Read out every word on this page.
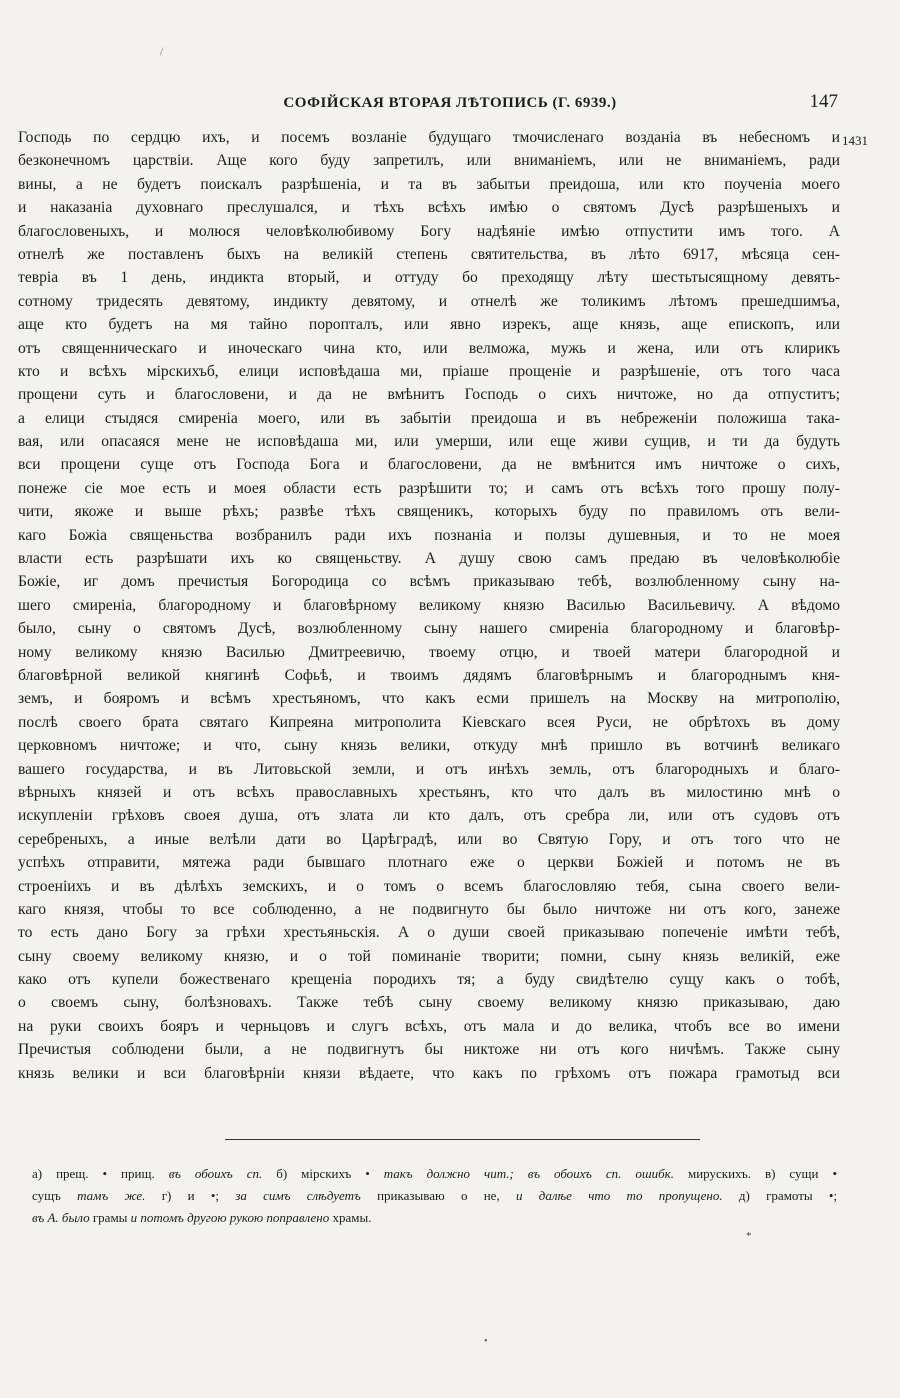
/
СОФІЙСКАЯ ВТОРАЯ ЛѢТОПИСЬ (Г. 6939.)	147
1431
Господь по сердцю ихъ, и посемъ возланіе будущаго тмочисленаго возданіа въ небесномъ и
безконечномъ царствіи. Аще кого буду запретилъ, или вниманіемъ, или не вниманіемъ, ради
вины, а не будетъ поискалъ разрѣшеніа, и та въ забытьи преидоша, или кто поученіа моего
и наказаніа духовнаго преслушался, и тѣхъ всѣхъ имѣю о святомъ Дусѣ разрѣшеныхъ и
благословеныхъ, и молюся человѣколюбивому Богу надѣяніе имѣю отпустити имъ того. А
отнелѣ же поставленъ быхъ на великій степень святительства, въ лѣто 6917, мѣсяца сен-
тевріа въ 1 день, индикта вторый, и оттуду бо преходящу лѣту шестьтысящному девять-
сотному тридесять девятому, индикту девятому, и отнелѣ же толикимъ лѣтомъ прешедшимъа,
аще кто будетъ на мя тайно поропталъ, или явно изрекъ, аще князь, аще епископъ, или
отъ священническаго и иноческаго чина кто, или велможа, мужь и жена, или отъ клирикъ
кто и всѣхъ мірскихъб, елици исповѣдаша ми, пріаше прощеніе и разрѣшеніе, отъ того часа
прощени суть и благословени, и да не вмѣнитъ Господь о сихъ ничтоже, но да отпуститъ;
а елици стыдяся смиреніа моего, или въ забытіи преидоша и въ небреженіи положиша така-
вая, или опасаяся мене не исповѣдаша ми, или умерши, или еще живи сущив, и ти да будуть
вси прощени суще отъ Господа Бога и благословени, да не вмѣнится имъ ничтоже о сихъ,
понеже сіе мое есть и моея области есть разрѣшити то; и самъ отъ всѣхъ того прошу полу-
чити, якоже и выше рѣхъ; развѣе тѣхъ священикъ, которыхъ буду по правиломъ отъ вели-
каго Божіа священьства возбранилъ ради ихъ познаніа и ползы душевныя, и то не моея
власти есть разрѣшати ихъ ко священьству. А душу свою самъ предаю въ человѣколюбіе
Божіе, иг домъ пречистыя Богородица со всѣмъ приказываю тебѣ, возлюбленному сыну на-
шего смиреніа, благородному и благовѣрному великому князю Василью Васильевичу. А вѣдомо
было, сыну о святомъ Дусѣ, возлюбленному сыну нашего смиреніа благородному и благовѣр-
ному великому князю Василью Дмитреевичю, твоему отцю, и твоей матери благородной и
благовѣрной великой княгинѣ Софьѣ, и твоимъ дядямъ благовѣрнымъ и благороднымъ кня-
земъ, и бояромъ и всѣмъ хрестьяномъ, что какъ есми пришелъ на Москву на митрополію,
послѣ своего брата святаго Кипреяна митрополита Кіевскаго всея Руси, не обрѣтохъ въ дому
церковномъ ничтоже; и что, сыну князь велики, откуду мнѣ пришло въ вотчинѣ великаго
вашего государства, и въ Литовьской земли, и отъ инѣхъ земль, отъ благородныхъ и благо-
вѣрныхъ князей и отъ всѣхъ православныхъ хрестьянъ, кто что далъ въ милостиню мнѣ о
искупленіи грѣховъ своея душа, отъ злата ли кто далъ, отъ сребра ли, или отъ судовъ отъ
серебреныхъ, а иные велѣли дати во Царѣградѣ, или во Святую Гору, и отъ того что не
успѣхъ отправити, мятежа ради бывшаго плотнаго еже о церкви Божіей и потомъ не въ
строеніихъ и въ дѣлѣхъ земскихъ, и о томъ о всемъ благословляю тебя, сына своего вели-
каго князя, чтобы то все соблюденно, а не подвигнуто бы было ничтоже ни отъ кого, занеже
то есть дано Богу за грѣхи хрестьяньскія. А о души своей приказываю попеченіе имѣти тебѣ,
сыну своему великому князю, и о той поминаніе творити; помни, сыну князь великій, еже
како отъ купели божественаго крещеніа породихъ тя; а буду свидѣтелю сущу какъ о тобѣ,
о своемъ сыну, болѣзновахъ. Также тебѣ сыну своему великому князю приказываю, даю
на руки своихъ бояръ и черньцовъ и слугъ всѣхъ, отъ мала и до велика, чтобъ все во имени
Пречистыя соблюдени были, а не подвигнутъ бы никтоже ни отъ кого ничѣмъ. Также сыну
князь велики и вси благовѣрніи князи вѣдаете, что какъ по грѣхомъ отъ пожара грамотыд вси
а) прещ. • прищ. въ обоихъ сп. б) мірскихъ • такъ должно чит.; въ обоихъ сп. ошибк. мирускихъ. в) сущи •
сущъ тамъ же. г) и •; за симъ слѣдуетъ приказываю о не, и далѣе что то пропущено. д) грамоты •;
въ А. было грамы и потомъ другою рукою поправлено храмы.
*
•
